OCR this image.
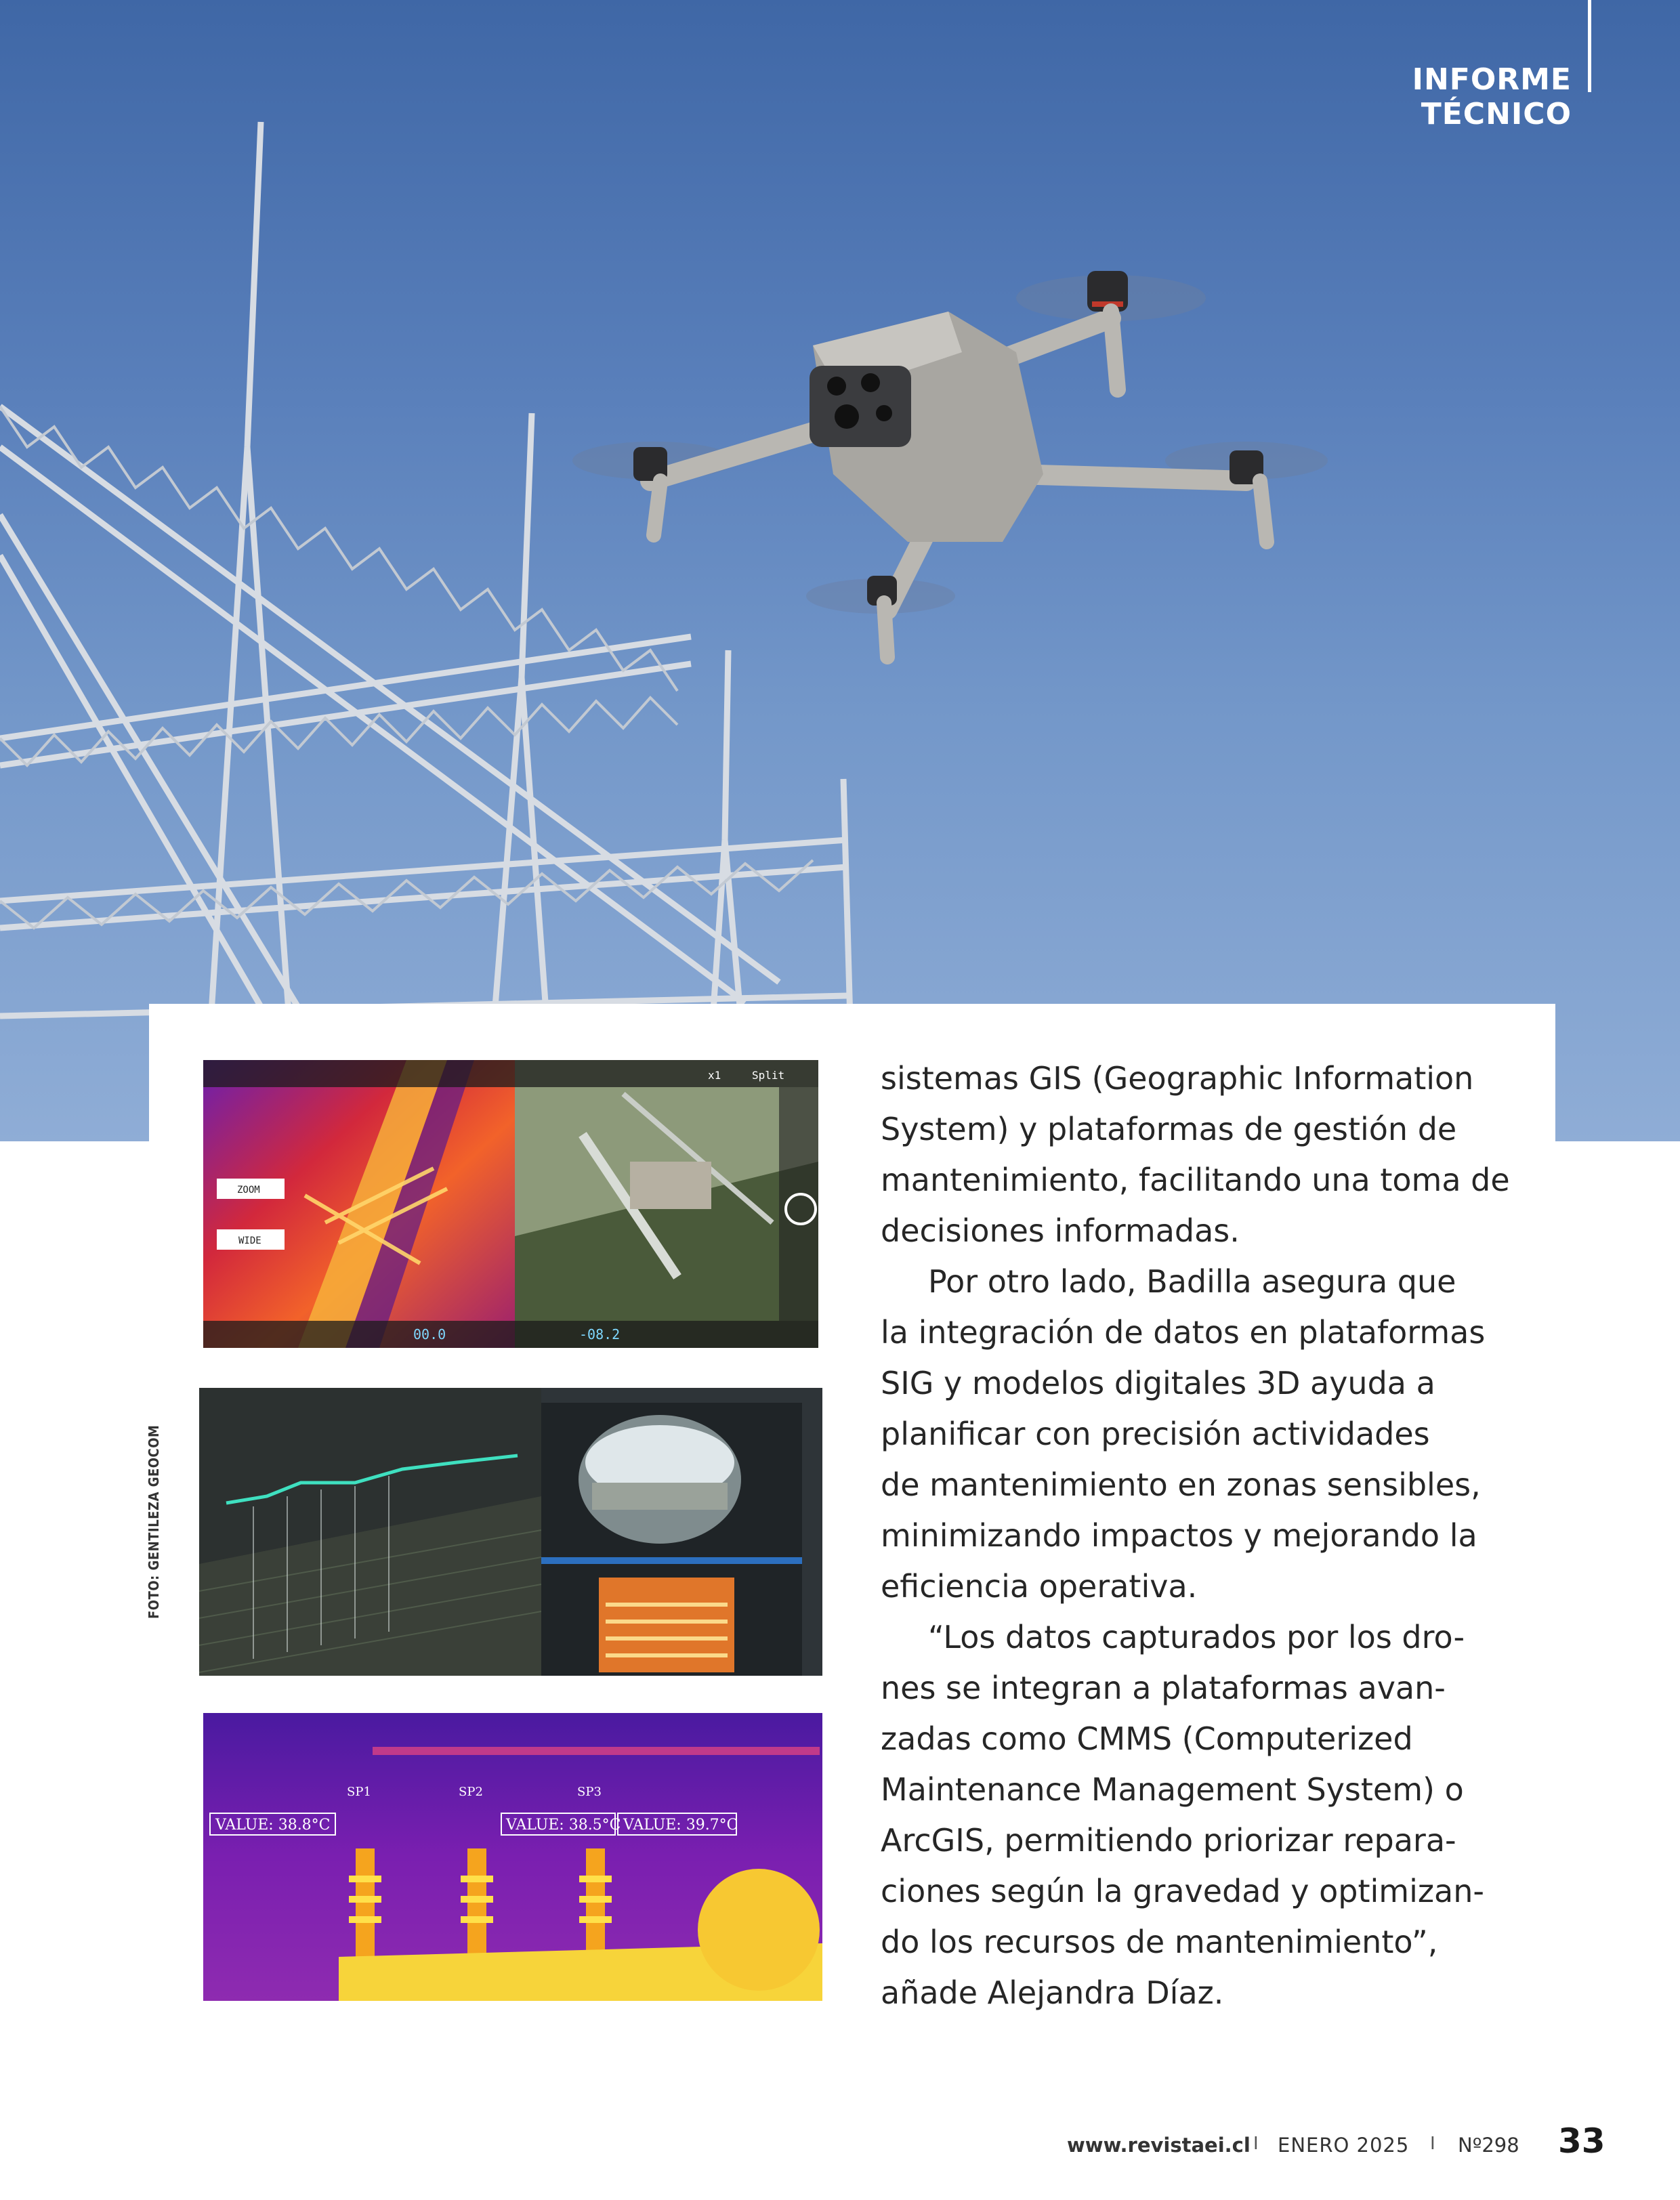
INFORME TÉCNICO
ZOOM
WIDE
Split
x1
00.0	-08.2
VALUE: 38.8°C	VALUE: 38.5°C VALUE: 39.7°C
SP1	SP2	SP3
FOTO: GENTILEZA GEOCOM

sistemas GIS (Geographic Information
System) y plataformas de gestión de
mantenimiento, facilitando una toma de
decisiones informadas.

Por otro lado, Badilla asegura que
la integración de datos en plataformas
SIG y modelos digitales 3D ayuda a
planificar con precisión actividades
de mantenimiento en zonas sensibles,
minimizando impactos y mejorando la
eficiencia operativa.

“Los datos capturados por los dro-
nes se integran a plataformas avan-
zadas como CMMS (Computerized
Maintenance Management System) o
ArcGIS, permitiendo priorizar repara-
ciones según la gravedad y optimizan-
do los recursos de mantenimiento”,
añade Alejandra Díaz.

www.revistaei.cl I ENERO 2025 I Nº298 33
